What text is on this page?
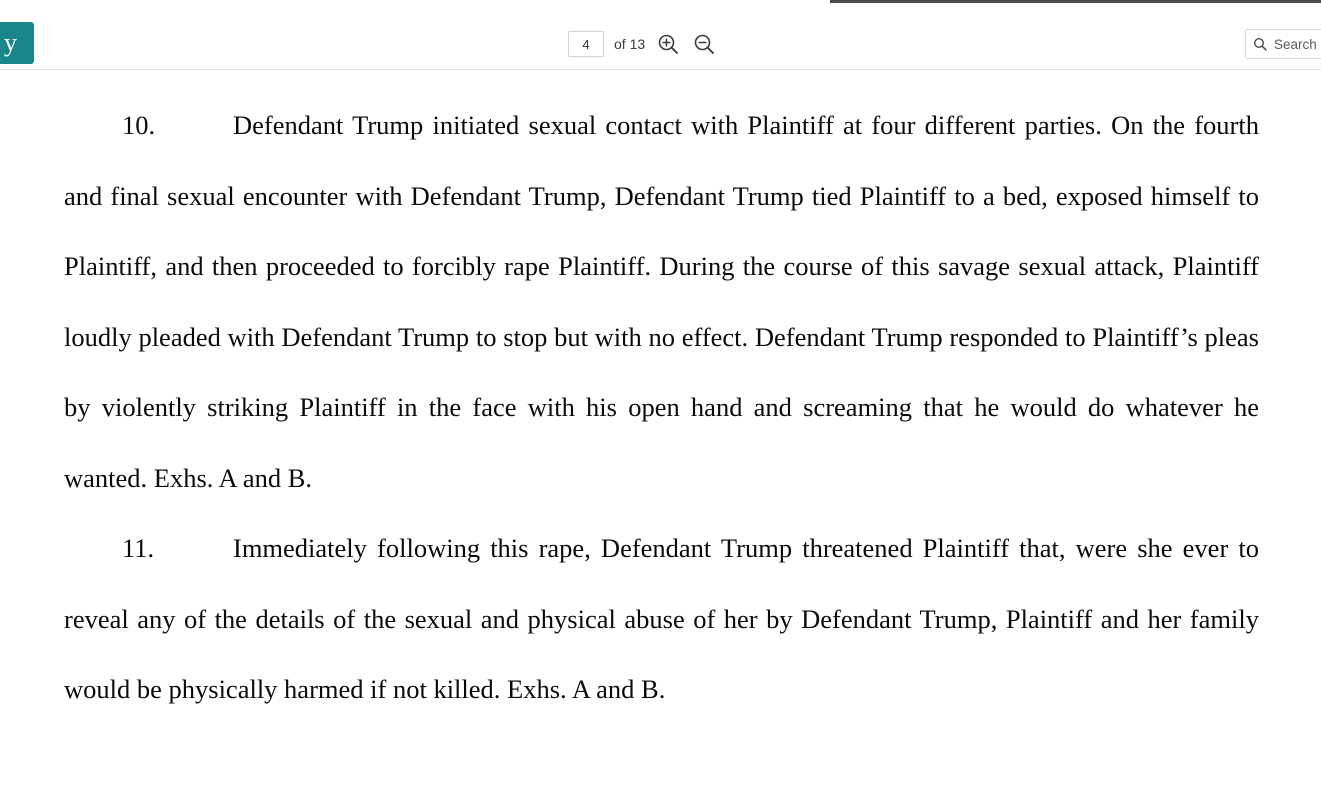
y
4	of 13
Search d

10.	Defendant Trump initiated sexual contact with Plaintiff at four different parties. On the fourth and final sexual encounter with Defendant Trump, Defendant Trump tied Plaintiff to a bed, exposed himself to Plaintiff, and then proceeded to forcibly rape Plaintiff. During the course of this savage sexual attack, Plaintiff loudly pleaded with Defendant Trump to stop but with no effect. Defendant Trump responded to Plaintiff’s pleas by violently striking Plaintiff in the face with his open hand and screaming that he would do whatever he wanted. Exhs. A and B.

11.	Immediately following this rape, Defendant Trump threatened Plaintiff that, were she ever to reveal any of the details of the sexual and physical abuse of her by Defendant Trump, Plaintiff and her family would be physically harmed if not killed. Exhs. A and B.
